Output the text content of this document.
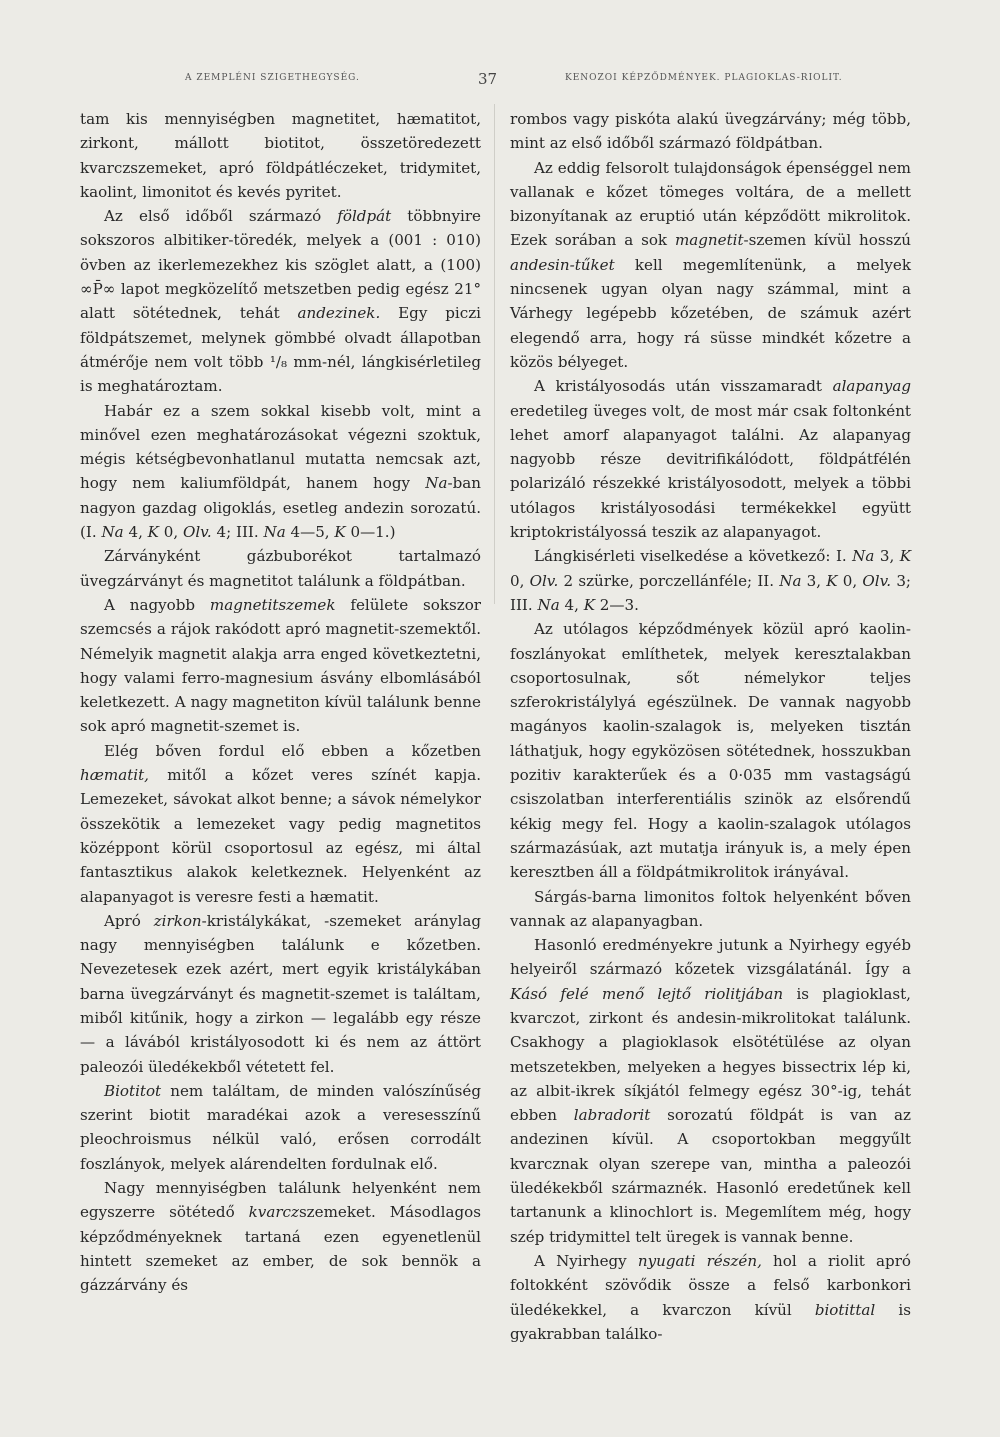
A ZEMPLÉNI SZIGETHEGYSÉG.	37	KENOZOI KÉPZŐDMÉNYEK. PLAGIOKLAS-RIOLIT.

tam kis mennyiségben magnetitet, hæmatitot, zirkont, mállott biotitot, összetöredezett kvarczszemeket, apró földpátléczeket, tridymitet, kaolint, limonitot és kevés pyritet.

Az első időből származó földpát többnyire sokszoros albitiker-töredék, melyek a (001 : 010) övben az ikerlemezekhez kis szöglet alatt, a (100) ∞P̄∞ lapot megközelítő metszetben pedig egész 21° alatt sötétednek, tehát andezinek. Egy piczi földpátszemet, melynek gömbbé olvadt állapotban átmérője nem volt több ¹/₈ mm-nél, lángkisérletileg is meghatároztam.

Habár ez a szem sokkal kisebb volt, mint a minővel ezen meghatározásokat végezni szoktuk, mégis kétségbevonhatlanul mutatta nemcsak azt, hogy nem kaliumföldpát, hanem hogy Na-ban nagyon gazdag oligoklás, esetleg andezin sorozatú. (I. Na 4, K 0, Olv. 4; III. Na 4—5, K 0—1.)

Zárványként gázbuborékot tartalmazó üvegzárványt és magnetitot találunk a földpátban.

A nagyobb magnetitszemek felülete sokszor szemcsés a rájok rakódott apró magnetit-szemektől. Némelyik magnetit alakja arra enged következtetni, hogy valami ferro-magnesium ásvány elbomlásából keletkezett. A nagy magnetiton kívül találunk benne sok apró magnetit-szemet is.

Elég bőven fordul elő ebben a kőzetben hæmatit, mitől a kőzet veres színét kapja. Lemezeket, sávokat alkot benne; a sávok némelykor összekötik a lemezeket vagy pedig magnetitos középpont körül csoportosul az egész, mi által fantasztikus alakok keletkeznek. Helyenként az alapanyagot is veresre festi a hæmatit.

Apró zirkon-kristálykákat, -szemeket aránylag nagy mennyiségben találunk e kőzetben. Nevezetesek ezek azért, mert egyik kristálykában barna üvegzárványt és magnetit-szemet is találtam, miből kitűnik, hogy a zirkon — legalább egy része — a lávából kristályosodott ki és nem az áttört paleozói üledékekből vétetett fel.

Biotitot nem találtam, de minden valószínűség szerint biotit maradékai azok a veresesszínű pleochroismus nélkül való, erősen corrodált foszlányok, melyek alárendelten fordulnak elő.

Nagy mennyiségben találunk helyenként nem egyszerre sötétedő kvarczszemeket. Másodlagos képződményeknek tartaná ezen egyenetlenül hintett szemeket az ember, de sok bennök a gázzárvány és

rombos vagy piskóta alakú üvegzárvány; még több, mint az első időből származó földpátban.

Az eddig felsorolt tulajdonságok épenséggel nem vallanak e kőzet tömeges voltára, de a mellett bizonyítanak az eruptió után képződött mikrolitok. Ezek sorában a sok magnetit-szemen kívül hosszú andesin-tűket kell megemlítenünk, a melyek nincsenek ugyan olyan nagy számmal, mint a Várhegy legépebb kőzetében, de számuk azért elegendő arra, hogy rá süsse mindkét kőzetre a közös bélyeget.

A kristályosodás után visszamaradt alapanyag eredetileg üveges volt, de most már csak foltonként lehet amorf alapanyagot találni. Az alapanyag nagyobb része devitrifikálódott, földpátfélén polarizáló részekké kristályosodott, melyek a többi utólagos kristályosodási termékekkel együtt kriptokristályossá teszik az alapanyagot.

Lángkisérleti viselkedése a következő: I. Na 3, K 0, Olv. 2 szürke, porczellánféle; II. Na 3, K 0, Olv. 3; III. Na 4, K 2—3.

Az utólagos képződmények közül apró kaolin-foszlányokat említhetek, melyek keresztalakban csoportosulnak, sőt némelykor teljes szferokristálylyá egészülnek. De vannak nagyobb magányos kaolin-szalagok is, melyeken tisztán láthatjuk, hogy egyközösen sötétednek, hosszukban pozitiv karakterűek és a 0·035 mm vastagságú csiszolatban interferentiális szinök az elsőrendű kékig megy fel. Hogy a kaolin-szalagok utólagos származásúak, azt mutatja irányuk is, a mely épen keresztben áll a földpátmikrolitok irányával.

Sárgás-barna limonitos foltok helyenként bőven vannak az alapanyagban.

Hasonló eredményekre jutunk a Nyirhegy egyéb helyeiről származó kőzetek vizsgálatánál. Így a Kásó felé menő lejtő riolitjában is plagioklast, kvarczot, zirkont és andesin-mikrolitokat találunk. Csakhogy a plagioklasok elsötétülése az olyan metszetekben, melyeken a hegyes bissectrix lép ki, az albit-ikrek síkjától felmegy egész 30°-ig, tehát ebben labradorit sorozatú földpát is van az andezinen kívül. A csoportokban meggyűlt kvarcznak olyan szerepe van, mintha a paleozói üledékekből származnék. Hasonló eredetűnek kell tartanunk a klinochlort is. Megemlítem még, hogy szép tridymittel telt üregek is vannak benne.

A Nyirhegy nyugati részén, hol a riolit apró foltokként szövődik össze a felső karbonkori üledékekkel, a kvarczon kívül biotittal is gyakrabban találko-
